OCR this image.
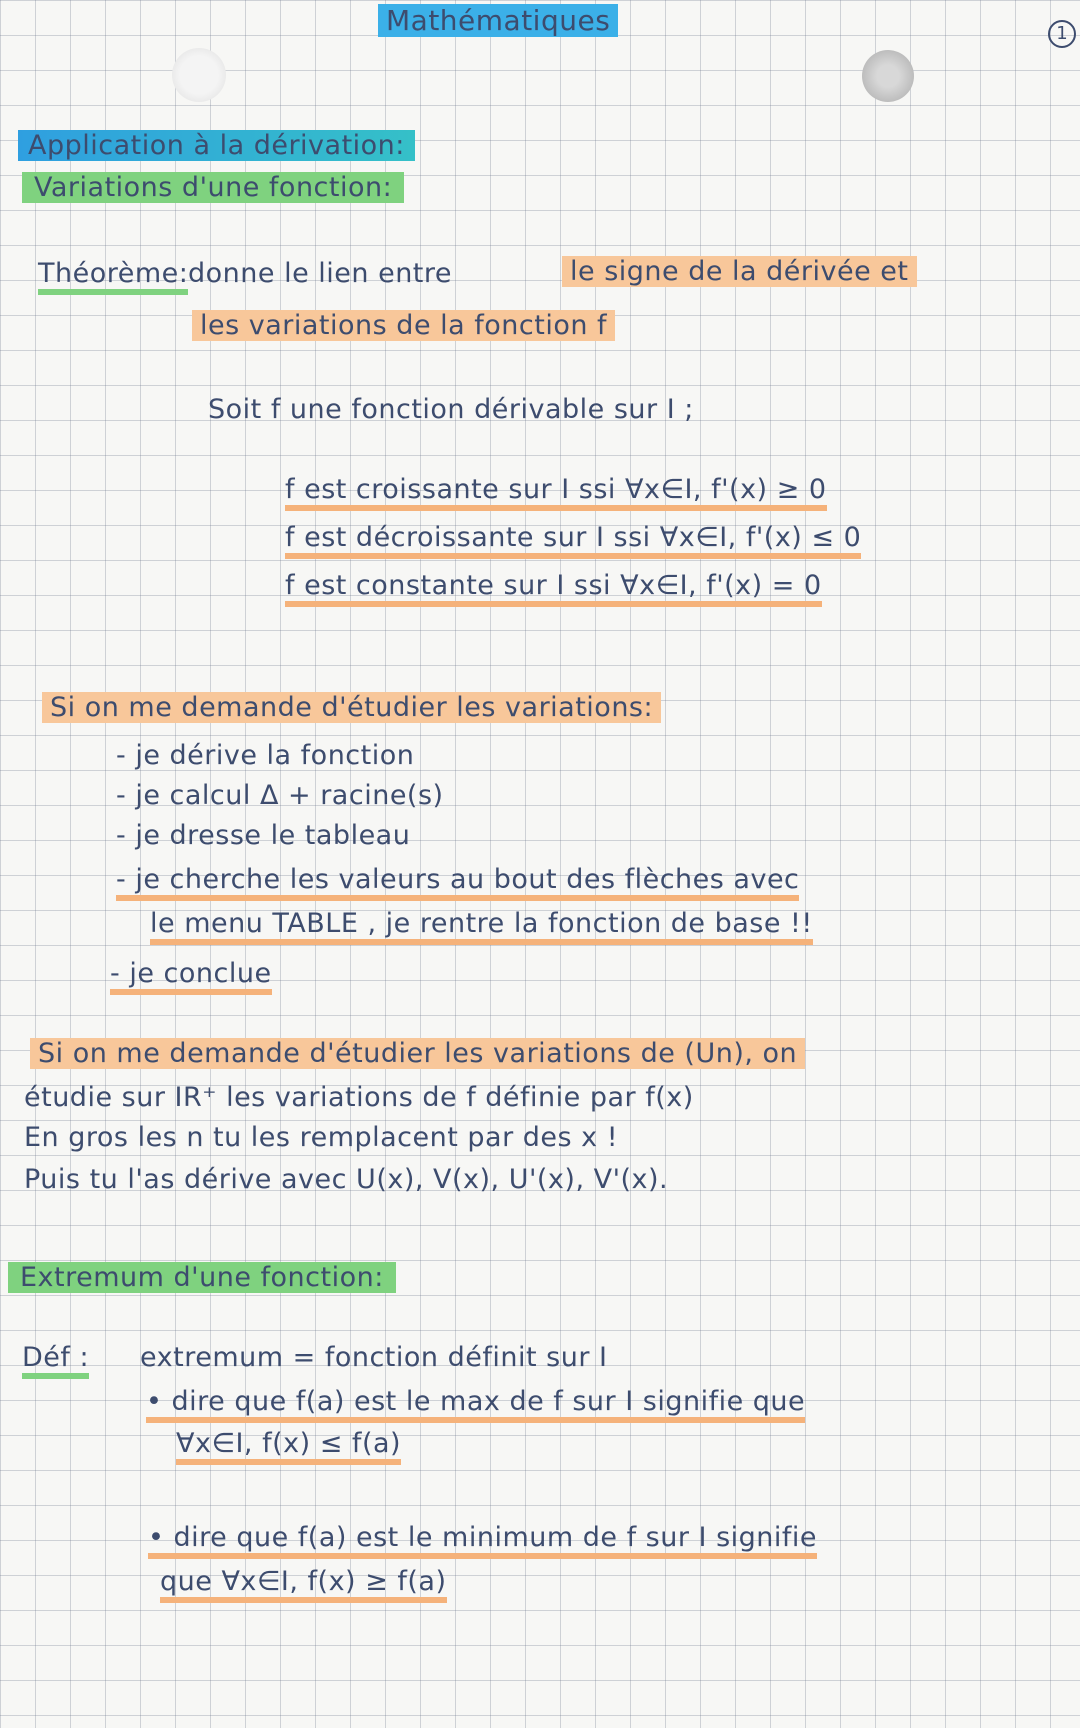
Mathématiques	1
Application à la dérivation:
Variations d'une fonction:
Théorème: donne le lien entre	le signe de la dérivée et
les variations de la fonction f
Soit f une fonction dérivable sur I ;
f est croissante sur I ssi ∀x∈I, f'(x) ≥ 0
f est décroissante sur I ssi ∀x∈I, f'(x) ≤ 0
f est constante sur I ssi ∀x∈I, f'(x) = 0
Si on me demande d'étudier les variations:
- je dérive la fonction
- je calcul Δ + racine(s)
- je dresse le tableau
- je cherche les valeurs au bout des flèches avec
le menu TABLE , je rentre la fonction de base !!
- je conclue
Si on me demande d'étudier les variations de (Un), on
étudie sur IR⁺ les variations de f définie par f(x)
En gros les n tu les remplacent par des x !
Puis tu l'as dérive avec U(x), V(x), U'(x), V'(x).
Extremum d'une fonction:
Déf : extremum = fonction définit sur I
• dire que f(a) est le max de f sur I signifie que
∀x∈I, f(x) ≤ f(a)
• dire que f(a) est le minimum de f sur I signifie
que ∀x∈I, f(x) ≥ f(a)
